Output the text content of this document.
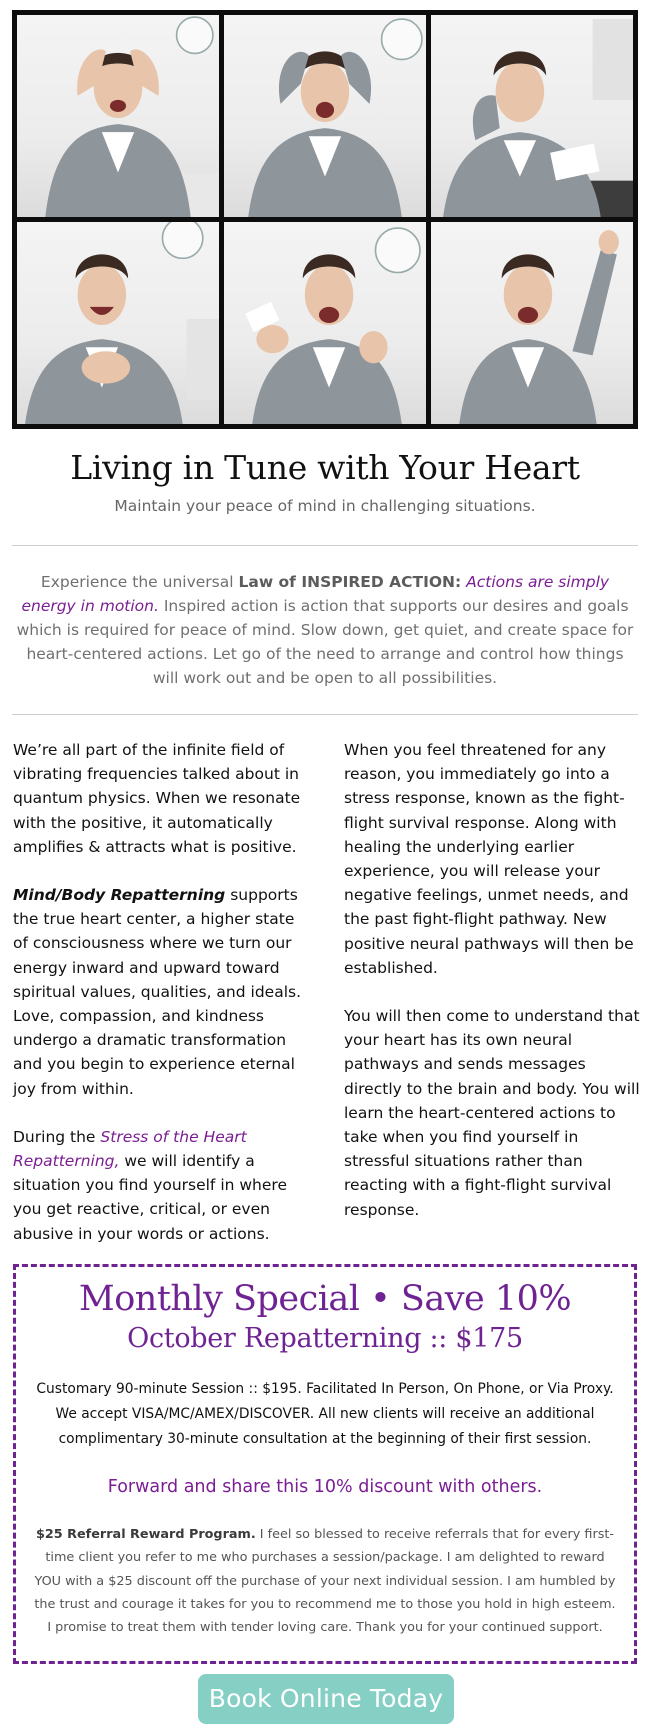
Living in Tune with Your Heart

Maintain your peace of mind in challenging situations.

Experience the universal Law of INSPIRED ACTION: Actions are simply energy in motion. Inspired action is action that supports our desires and goals which is required for peace of mind. Slow down, get quiet, and create space for heart-centered actions. Let go of the need to arrange and control how things will work out and be open to all possibilities.

We’re all part of the infinite field of vibrating frequencies talked about in quantum physics. When we resonate with the positive, it automatically amplifies & attracts what is positive.

Mind/Body Repatterning supports the true heart center, a higher state of consciousness where we turn our energy inward and upward toward spiritual values, qualities, and ideals. Love, compassion, and kindness undergo a dramatic transformation and you begin to experience eternal joy from within.

During the Stress of the Heart Repatterning, we will identify a situation you find yourself in where you get reactive, critical, or even abusive in your words or actions.

When you feel threatened for any reason, you immediately go into a stress response, known as the fight-flight survival response. Along with healing the underlying earlier experience, you will release your negative feelings, unmet needs, and the past fight-flight pathway. New positive neural pathways will then be established.

You will then come to understand that your heart has its own neural pathways and sends messages directly to the brain and body. You will learn the heart-centered actions to take when you find yourself in stressful situations rather than reacting with a fight-flight survival response.

Monthly Special • Save 10%
October Repatterning :: $175

Customary 90-minute Session :: $195. Facilitated In Person, On Phone, or Via Proxy. We accept VISA/MC/AMEX/DISCOVER. All new clients will receive an additional complimentary 30-minute consultation at the beginning of their first session.

Forward and share this 10% discount with others.

$25 Referral Reward Program. I feel so blessed to receive referrals that for every first-time client you refer to me who purchases a session/package. I am delighted to reward YOU with a $25 discount off the purchase of your next individual session. I am humbled by the trust and courage it takes for you to recommend me to those you hold in high esteem. I promise to treat them with tender loving care. Thank you for your continued support.

Book Online Today
